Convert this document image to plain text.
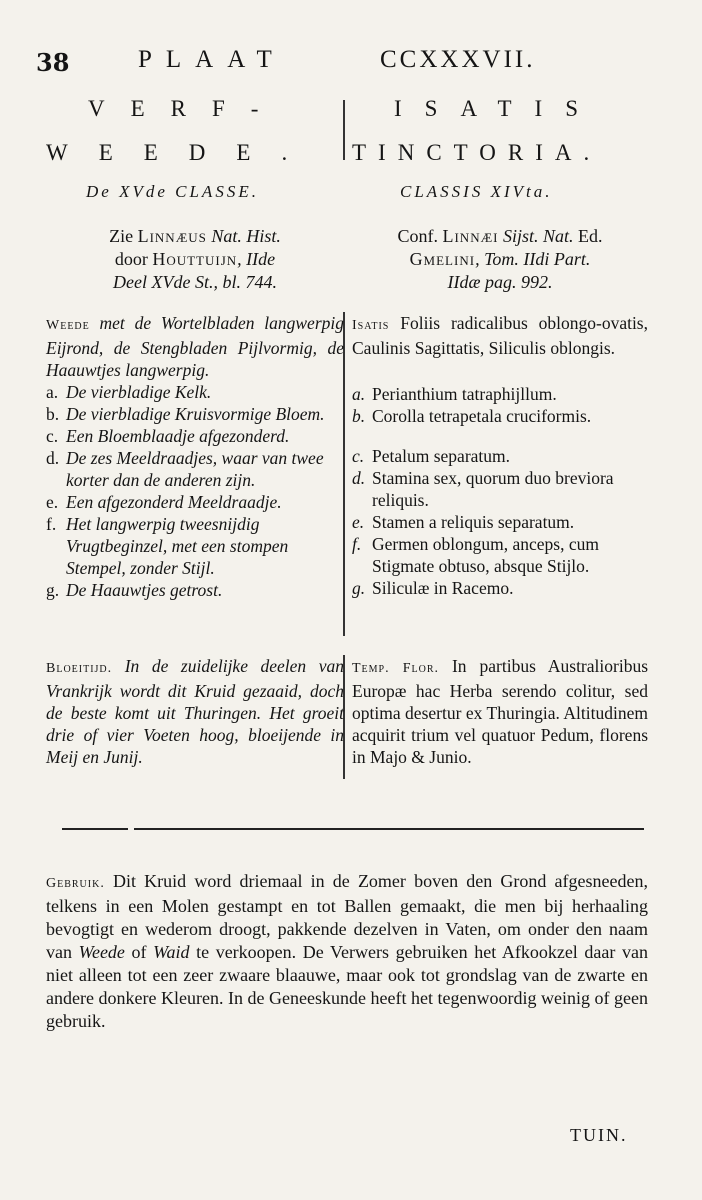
38	PLAAT	CCXXXVII.
VERF-
WEEDE.
ISATIS
TINCTORIA.
De XVde CLASSE.	CLASSIS XIVta.
Zie Linnæus Nat. Hist.
door Houttuijn, IIde
Deel XVde St., bl. 744.
Conf. Linnæi Sijst. Nat. Ed.
Gmelini, Tom. IIdi Part.
IIdæ pag. 992.
Weede met de Wortelbladen langwerpig Eijrond, de Stengbladen Pijlvormig, de Haauwtjes langwerpig.
a. De vierbladige Kelk.
b. De vierbladige Kruisvormige Bloem.
c. Een Bloemblaadje afgezonderd.
d. De zes Meeldraadjes, waar van twee korter dan de anderen zijn.
e. Een afgezonderd Meeldraadje.
f. Het langwerpig tweesnijdig Vrugtbeginzel, met een stompen Stempel, zonder Stijl.
g. De Haauwtjes getrost.
Isatis Foliis radicalibus oblongo-ovatis, Caulinis Sagittatis, Siliculis oblongis.
a. Perianthium tatraphijllum.
b. Corolla tetrapetala cruciformis.
c. Petalum separatum.
d. Stamina sex, quorum duo breviora reliquis.
e. Stamen a reliquis separatum.
f. Germen oblongum, anceps, cum Stigmate obtuso, absque Stijlo.
g. Siliculæ in Racemo.
Bloeitijd. In de zuidelijke deelen van Vrankrijk wordt dit Kruid gezaaid, doch de beste komt uit Thuringen. Het groeit drie of vier Voeten hoog, bloeijende in Meij en Junij.
Temp. Flor. In partibus Australioribus Europæ hac Herba serendo colitur, sed optima desertur ex Thuringia. Altitudinem acquirit trium vel quatuor Pedum, florens in Majo & Junio.
Gebruik. Dit Kruid word driemaal in de Zomer boven den Grond afgesneeden, telkens in een Molen gestampt en tot Ballen gemaakt, die men bij herhaaling bevogtigt en wederom droogt, pakkende dezelven in Vaten, om onder den naam van Weede of Waid te verkoopen. De Verwers gebruiken het Afkookzel daar van niet alleen tot een zeer zwaare blaauwe, maar ook tot grondslag van de zwarte en andere donkere Kleuren. In de Geneeskunde heeft het tegenwoordig weinig of geen gebruik.
TUIN.
